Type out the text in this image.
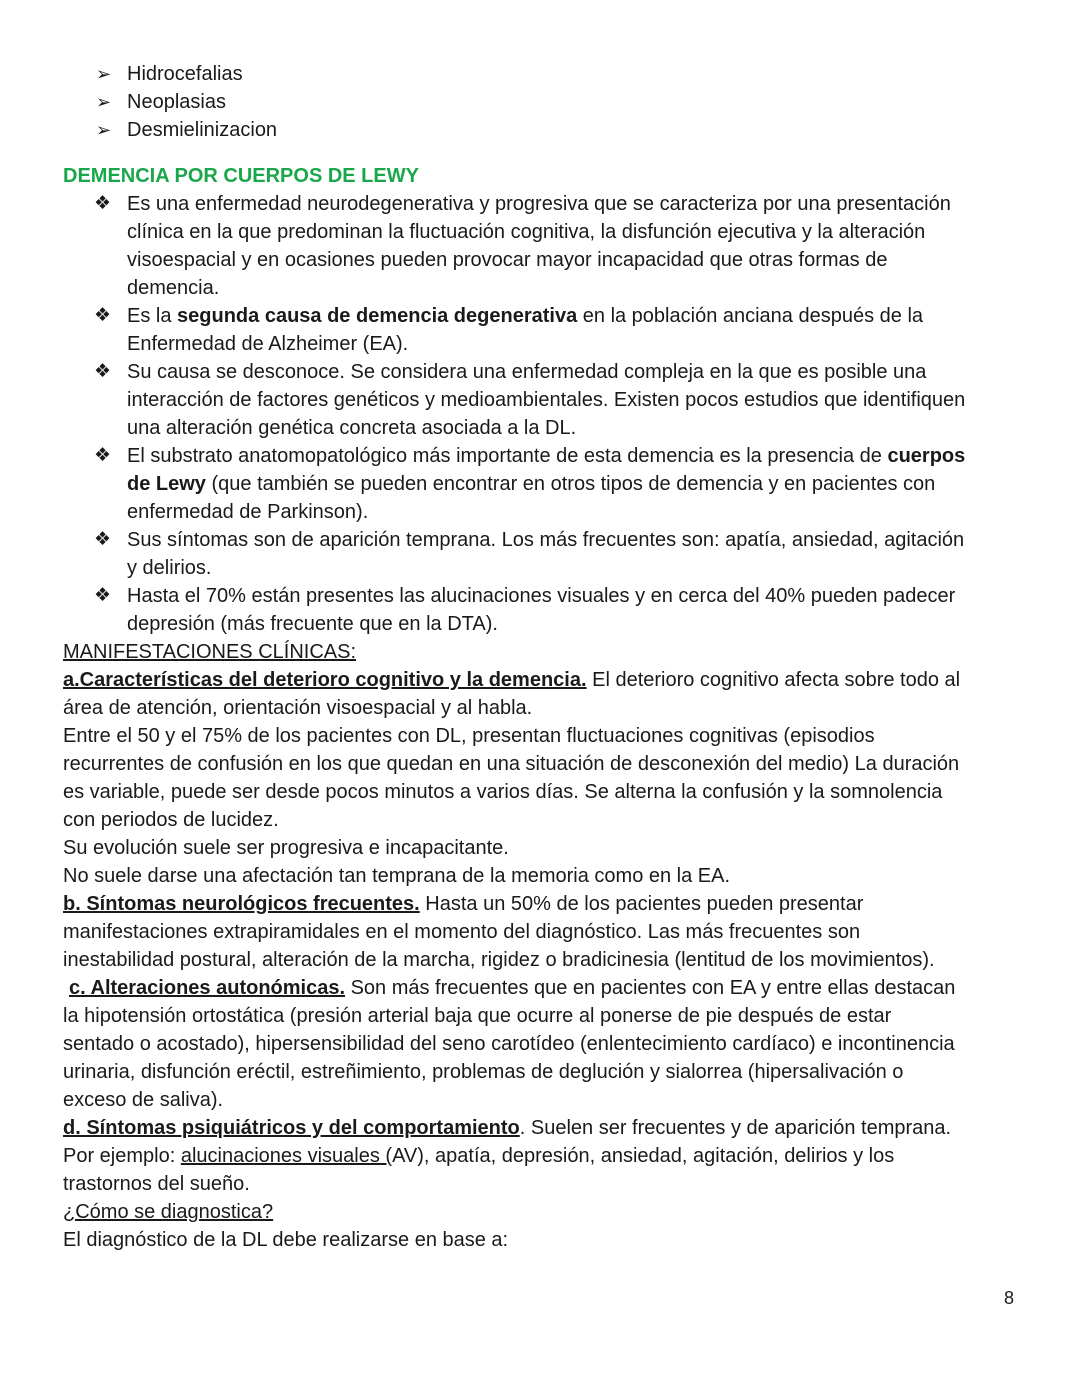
➢ Hidrocefalias
➢ Neoplasias
➢ Desmielinizacion
DEMENCIA POR CUERPOS DE LEWY
❖ Es una enfermedad neurodegenerativa y progresiva que se caracteriza por una presentación
clínica en la que predominan la fluctuación cognitiva, la disfunción ejecutiva y la alteración
visoespacial y en ocasiones pueden provocar mayor incapacidad que otras formas de
demencia.
❖ Es la segunda causa de demencia degenerativa en la población anciana después de la
Enfermedad de Alzheimer (EA).
❖ Su causa se desconoce. Se considera una enfermedad compleja en la que es posible una
interacción de factores genéticos y medioambientales. Existen pocos estudios que identifiquen
una alteración genética concreta asociada a la DL.
❖ El substrato anatomopatológico más importante de esta demencia es la presencia de cuerpos
de Lewy (que también se pueden encontrar en otros tipos de demencia y en pacientes con
enfermedad de Parkinson).
❖ Sus síntomas son de aparición temprana. Los más frecuentes son: apatía, ansiedad, agitación
y delirios.
❖ Hasta el 70% están presentes las alucinaciones visuales y en cerca del 40% pueden padecer
depresión (más frecuente que en la DTA).
MANIFESTACIONES CLÍNICAS:
a.Características del deterioro cognitivo y la demencia. El deterioro cognitivo afecta sobre todo al
área de atención, orientación visoespacial y al habla.
Entre el 50 y el 75% de los pacientes con DL, presentan fluctuaciones cognitivas (episodios
recurrentes de confusión en los que quedan en una situación de desconexión del medio) La duración
es variable, puede ser desde pocos minutos a varios días. Se alterna la confusión y la somnolencia
con periodos de lucidez.
Su evolución suele ser progresiva e incapacitante.
No suele darse una afectación tan temprana de la memoria como en la EA.
b. Síntomas neurológicos frecuentes. Hasta un 50% de los pacientes pueden presentar
manifestaciones extrapiramidales en el momento del diagnóstico. Las más frecuentes son
inestabilidad postural, alteración de la marcha, rigidez o bradicinesia (lentitud de los movimientos).
c. Alteraciones autonómicas. Son más frecuentes que en pacientes con EA y entre ellas destacan
la hipotensión ortostática (presión arterial baja que ocurre al ponerse de pie después de estar
sentado o acostado), hipersensibilidad del seno carotídeo (enlentecimiento cardíaco) e incontinencia
urinaria, disfunción eréctil, estreñimiento, problemas de deglución y sialorrea (hipersalivación o
exceso de saliva).
d. Síntomas psiquiátricos y del comportamiento. Suelen ser frecuentes y de aparición temprana.
Por ejemplo: alucinaciones visuales (AV), apatía, depresión, ansiedad, agitación, delirios y los
trastornos del sueño.
¿Cómo se diagnostica?
El diagnóstico de la DL debe realizarse en base a:
8
